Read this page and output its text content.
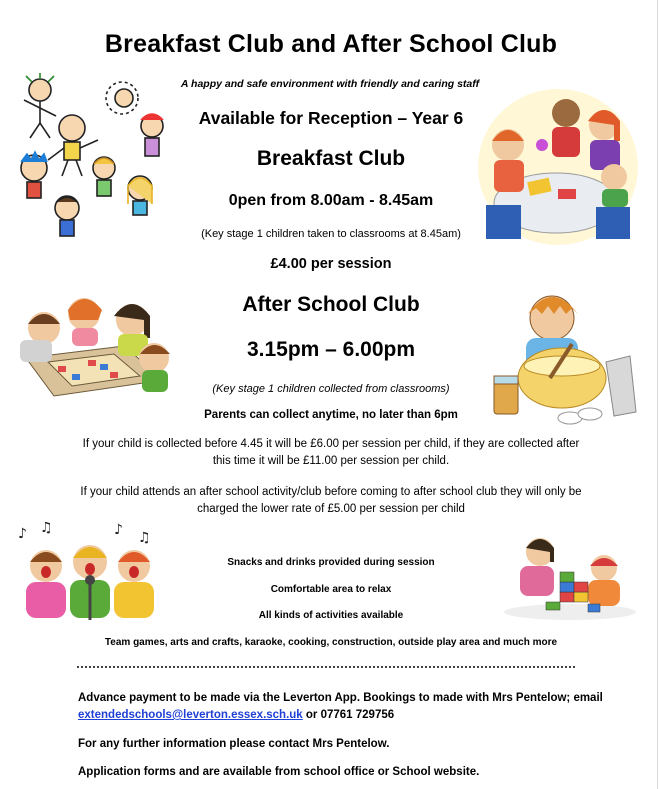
Breakfast Club and After School Club
A happy and safe environment with friendly and caring staff
Available for Reception – Year 6
Breakfast Club
0pen from 8.00am - 8.45am
(Key stage 1 children taken to classrooms at 8.45am)
£4.00 per session
After School Club
3.15pm – 6.00pm
(Key stage 1 children collected from classrooms)
Parents can collect anytime, no later than 6pm
If your child is collected before 4.45 it will be £6.00 per session per child, if they are collected after
this time it will be £11.00 per session per child.
If your child attends an after school activity/club before coming to after school club they will only be
charged the lower rate of £5.00 per session per child
Snacks and drinks provided during session
Comfortable area to relax
All kinds of activities available
Team games, arts and crafts, karaoke, cooking, construction, outside play area and much more
Advance payment to be made via the Leverton App. Bookings to made with Mrs Pentelow; email
extendedschools@leverton.essex.sch.uk or 07761 729756
For any further information please contact Mrs Pentelow.
Application forms and are available from school office or School website.
♪ ♫	♪ ♫
